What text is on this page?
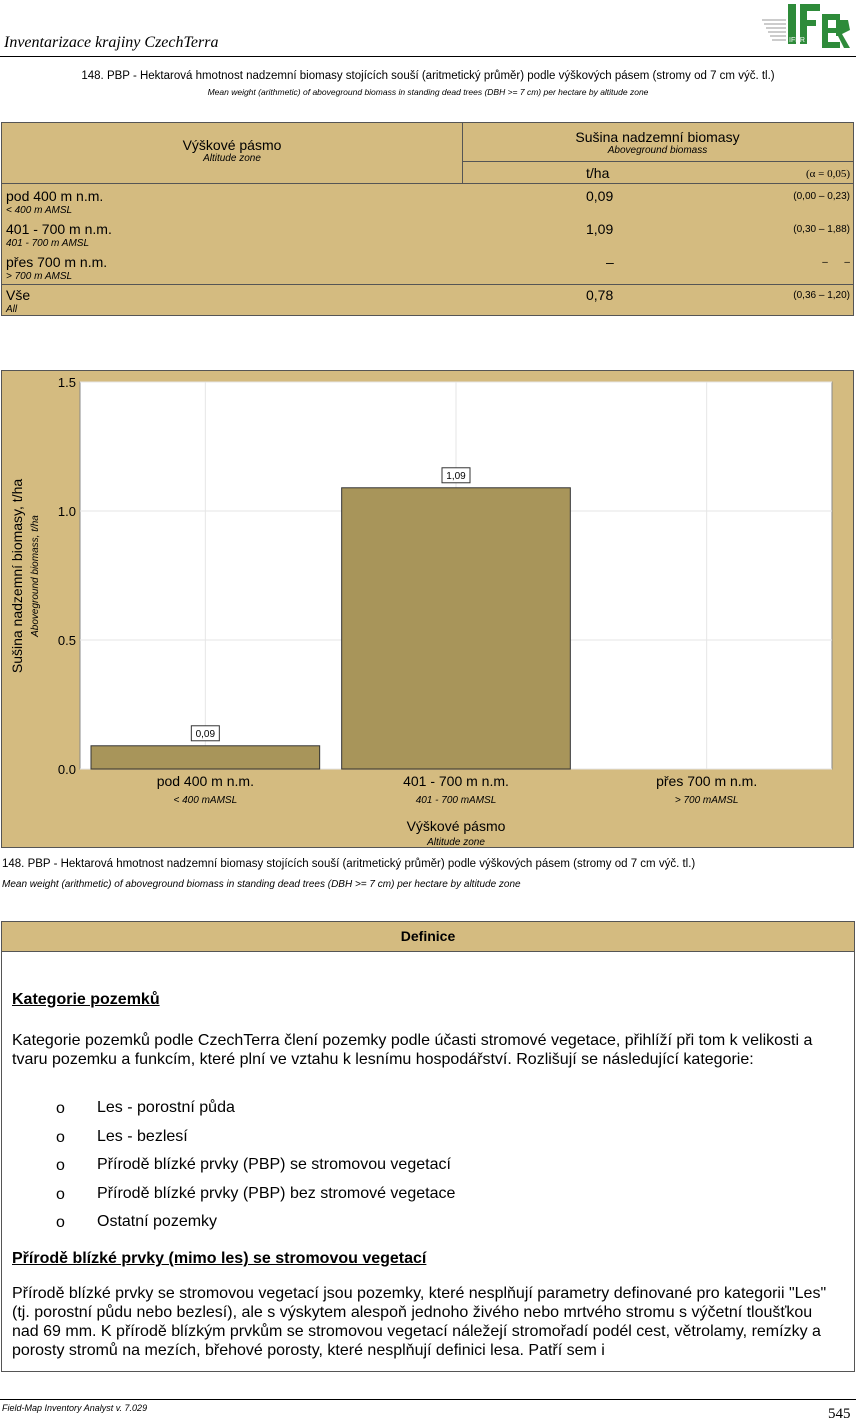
Inventarizace krajiny CzechTerra	IFER
148. PBP - Hektarová hmotnost nadzemní biomasy stojících souší (aritmetický průměr) podle výškových pásem (stromy od 7 cm výč. tl.)
Mean weight (arithmetic) of aboveground biomass in standing dead trees (DBH >= 7 cm) per hectare by altitude zone
Výškové pásmo
Altitude zone
Sušina nadzemní biomasy
Aboveground biomass
t/ha	(α = 0,05)
pod 400 m n.m.
< 400 m AMSL
0,09	(0,00 – 0,23)
401 - 700 m n.m.
401 - 700 m AMSL
1,09	(0,30 – 1,88)
přes 700 m n.m.
> 700 m AMSL
–	–      –
Vše
All
0,78	(0,36 – 1,20)
0.0
0.5
1.0
1.5
0,09
1,09
pod 400 m n.m.
< 400 mAMSL
401 - 700 m n.m.
401 - 700 mAMSL
přes 700 m n.m.
> 700 mAMSL
Výškové pásmo
Altitude zone
Sušina nadzemní biomasy, t/ha Aboveground biomass, t/ha
148. PBP - Hektarová hmotnost nadzemní biomasy stojících souší (aritmetický průměr) podle výškových pásem (stromy od 7 cm výč. tl.)
Mean weight (arithmetic) of aboveground biomass in standing dead trees (DBH >= 7 cm) per hectare by altitude zone
Definice
Kategorie pozemků
Kategorie pozemků podle CzechTerra člení pozemky podle účasti stromové vegetace, přihlíží při tom k velikosti a tvaru pozemku a funkcím, které plní ve vztahu k lesnímu hospodářství. Rozlišují se následující kategorie:
o Les - porostní půda
o Les - bezlesí
o Přírodě blízké prvky (PBP) se stromovou vegetací
o Přírodě blízké prvky (PBP) bez stromové vegetace
o Ostatní pozemky
Přírodě blízké prvky (mimo les) se stromovou vegetací
Přírodě blízké prvky se stromovou vegetací jsou pozemky, které nesplňují parametry definované pro kategorii "Les" (tj. porostní půdu nebo bezlesí), ale s výskytem alespoň jednoho živého nebo mrtvého stromu s výčetní tloušťkou nad 69 mm. K přírodě blízkým prvkům se stromovou vegetací náležejí stromořadí podél cest, větrolamy, remízky a porosty stromů na mezích, břehové porosty, které nesplňují definici lesa. Patří sem i
Field-Map Inventory Analyst v. 7.029	545
